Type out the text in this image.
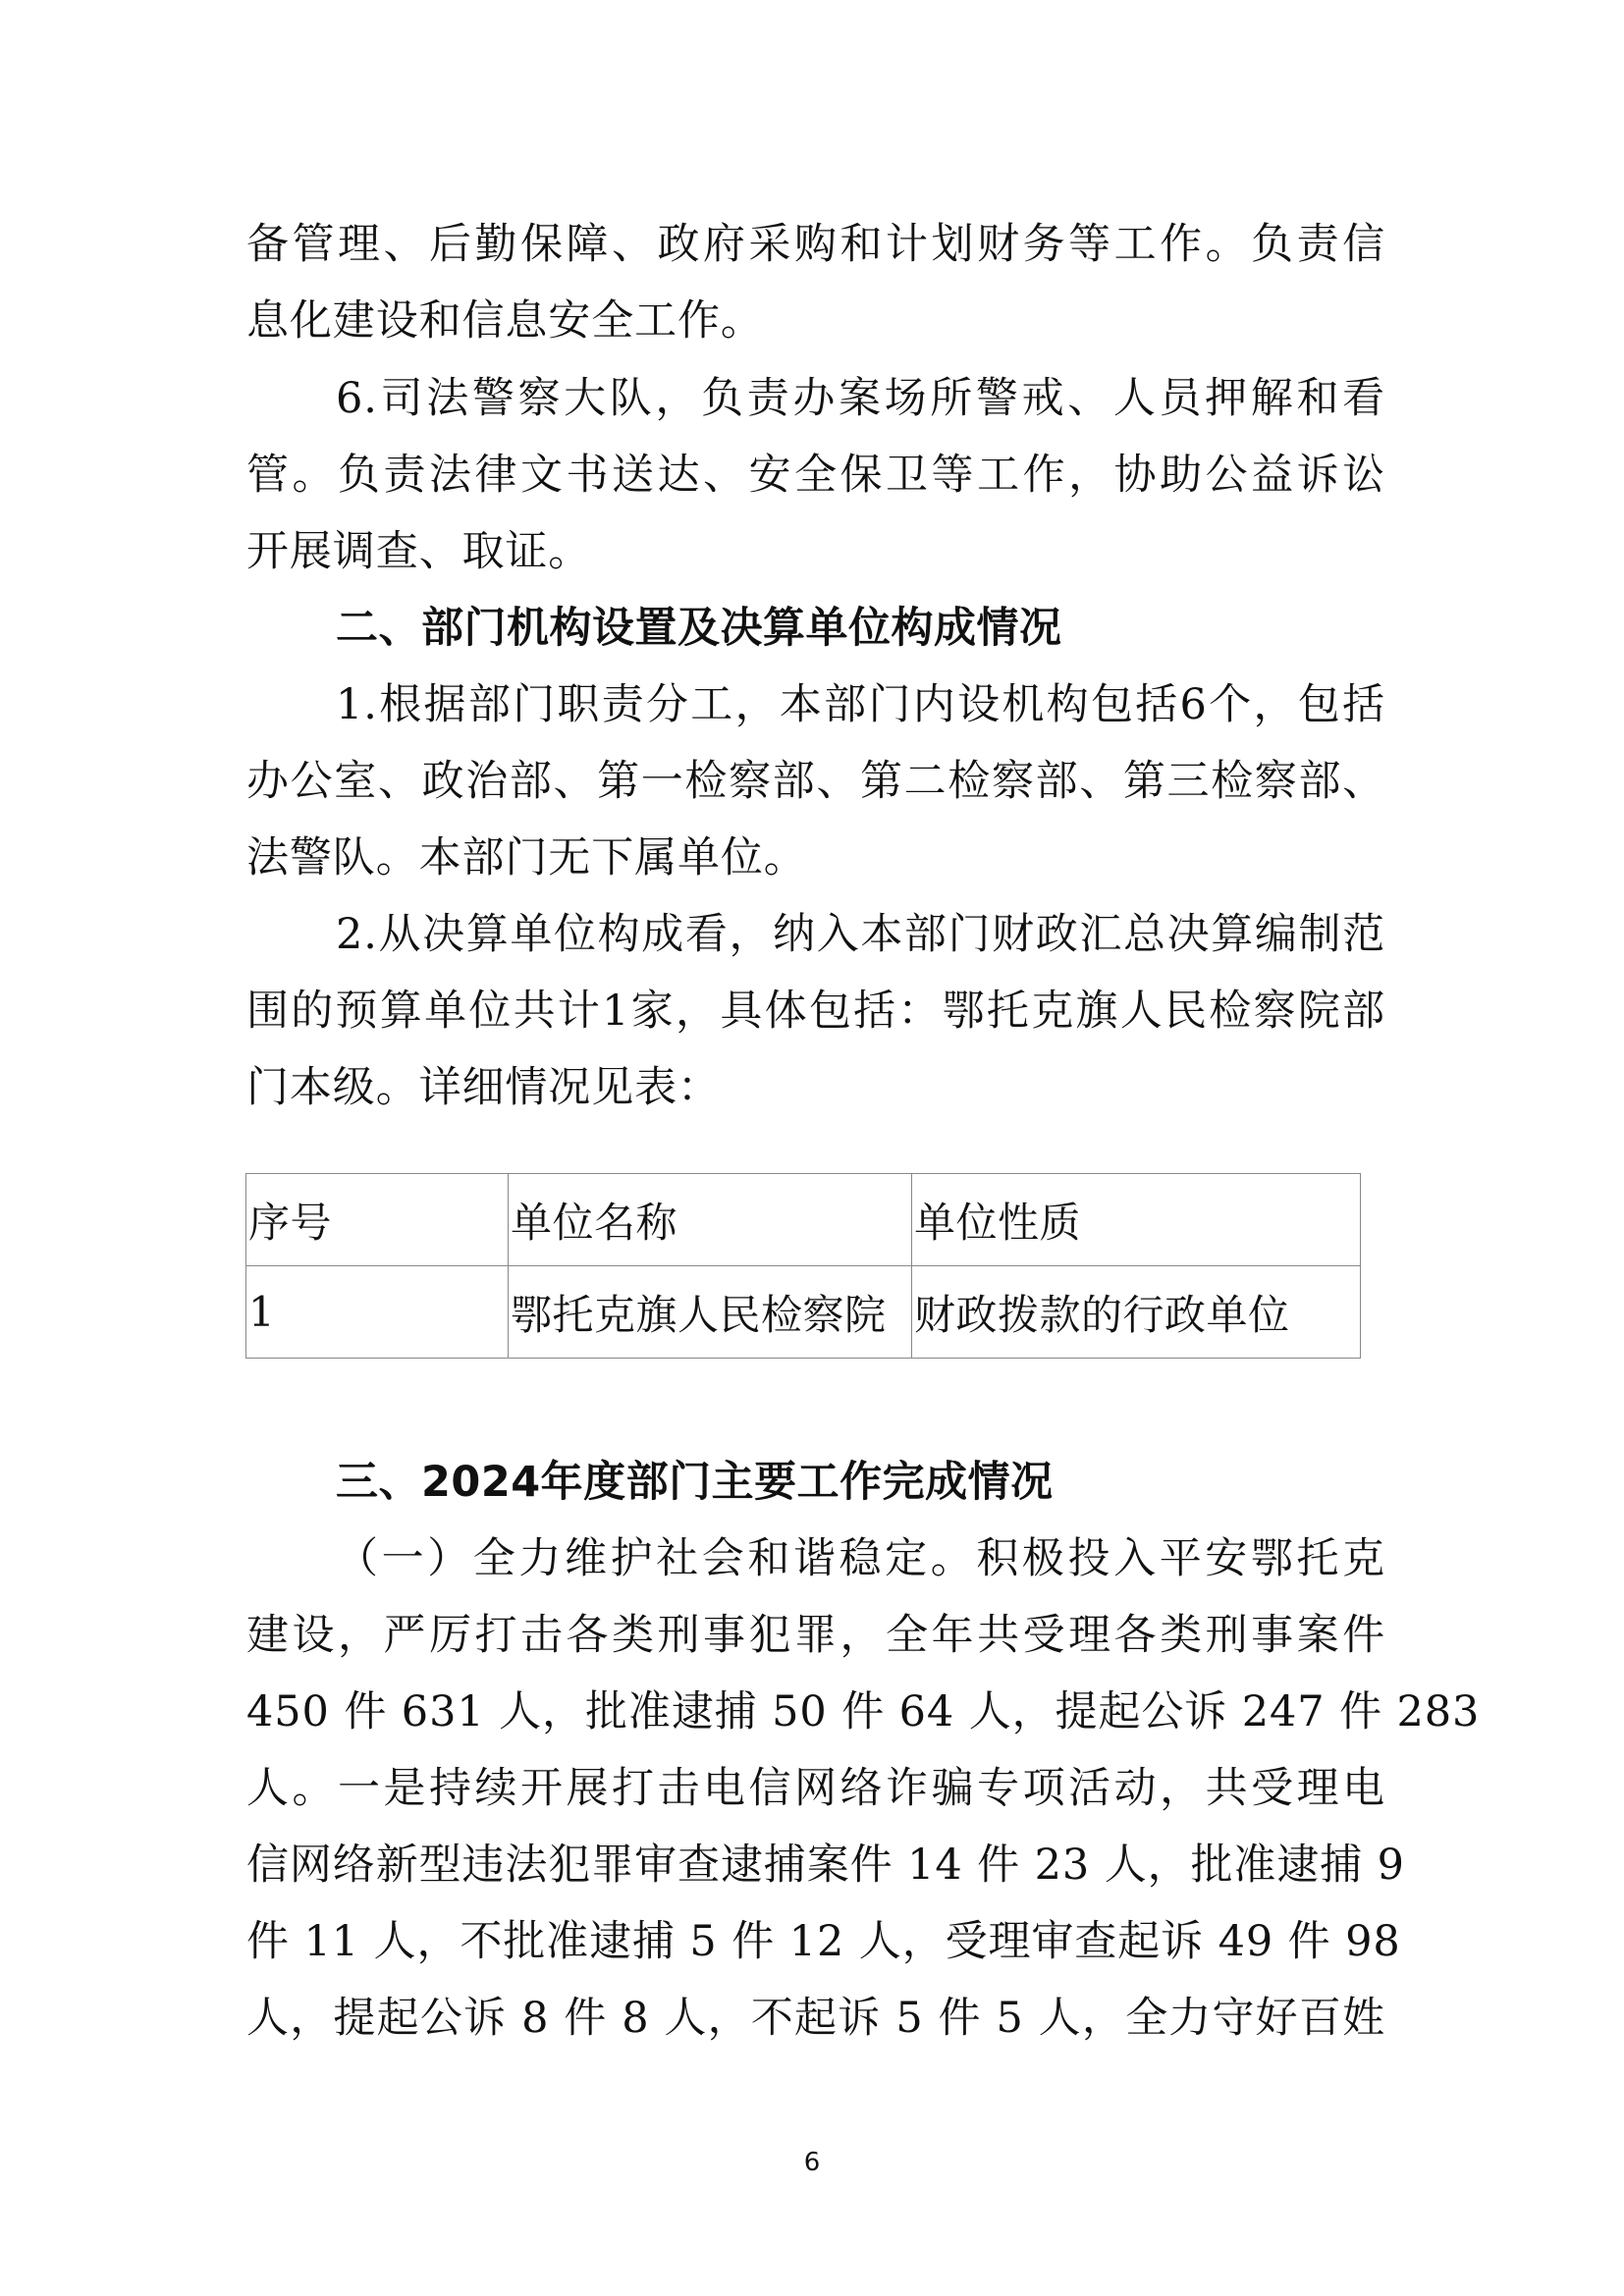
备管理、后勤保障、政府采购和计划财务等工作。负责信
息化建设和信息安全工作。
6.司法警察大队，负责办案场所警戒、人员押解和看
管。负责法律文书送达、安全保卫等工作，协助公益诉讼
开展调查、取证。
二、部门机构设置及决算单位构成情况
1.根据部门职责分工，本部门内设机构包括6个，包括
办公室、政治部、第一检察部、第二检察部、第三检察部、
法警队。本部门无下属单位。
2.从决算单位构成看，纳入本部门财政汇总决算编制范
围的预算单位共计1家，具体包括：鄂托克旗人民检察院部
门本级。详细情况见表：
序号	单位名称	单位性质
1	鄂托克旗人民检察院	财政拨款的行政单位
三、2024年度部门主要工作完成情况
（一）全力维护社会和谐稳定。积极投入平安鄂托克
建设，严厉打击各类刑事犯罪，全年共受理各类刑事案件
450 件 631 人，批准逮捕 50 件 64 人，提起公诉 247 件 283
人。一是持续开展打击电信网络诈骗专项活动，共受理电
信网络新型违法犯罪审查逮捕案件 14 件 23 人，批准逮捕 9
件 11 人，不批准逮捕 5 件 12 人，受理审查起诉 49 件 98
人，提起公诉 8 件 8 人，不起诉 5 件 5 人，全力守好百姓
6
